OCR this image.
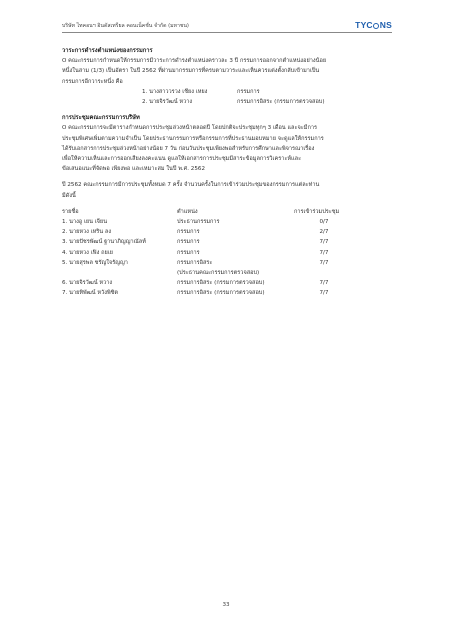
บริษัท ไทคอนฯ อินดัสเทรียล คอนเน็คชั่น จำกัด (มหาชน)	TYC NS
วาระการดำรงตำแหน่งของกรรมการ

O คณะกรรมการกำหนดให้กรรมการมีวาระการดำรงตำแหน่งคราวละ 3 ปี กรรมการออกจากตำแหน่งอย่างน้อย

หนึ่งในสาม (1/3) เป็นอัตรา ในปี 2562 ที่ผ่านมากรรมการที่ครบตามวาระและเห็นควรแต่งตั้งกลับเข้ามาเป็น

กรรมการอีกวาระหนึ่ง คือ

1. นางสาววรวง เชียง เหยง	กรรมการ
2. นายจิรวัฒน์ หวาง	กรรมการอิสระ (กรรมการตรวจสอบ)
การประชุมคณะกรรมการบริษัท

O คณะกรรมการจะมีตารางกำหนดการประชุมล่วงหน้าตลอดปี โดยปกติจะประชุมทุกๆ 3 เดือน และจะมีการ

ประชุมพิเศษเพิ่มตามความจำเป็น โดยประธานกรรมการหรือกรรมการที่ประธานมอบหมาย จะดูแลให้กรรมการ

ได้รับเอกสารการประชุมล่วงหน้าอย่างน้อย 7 วัน ก่อนวันประชุมเพียงพอสำหรับการศึกษาและพิจารณาเรื่อง

เพื่อให้ความเห็นและการออกเสียงลงคะแนน ดูแลให้เอกสารการประชุมมีสาระข้อมูลการวิเคราะห์และ

ข้อเสนอแนะที่จัดพอ เพียงพอ และเหมาะสม ในปี พ.ศ. 2562

ปี 2562 คณะกรรมการมีการประชุมทั้งหมด 7 ครั้ง จำนวนครั้งในการเข้าร่วมประชุมของกรรมการแต่ละท่าน

มีดังนี้

รายชื่อ	ตำแหน่ง	การเข้าร่วมประชุม
1. นางอู เยน เจียน	ประธานกรรมการ	0/7
2. นายหวง เหริน ลง	กรรมการ	2/7
3. นายปัชรพัฒน์ ฐานาภิญญาณัลท์	กรรมการ	7/7
4. นายหวง เฟิง ถยเย	กรรมการ	7/7
5. นายสุรพล ชรัญใจรัญญา	กรรมการอิสระ	7/7
(ประธานคณะกรรมการตรวจสอบ)
6. นายจิรวัฒน์ หวาง	กรรมการอิสระ (กรรมการตรวจสอบ)	7/7
7. นายทิพัฒน์ หวังพิชิต	กรรมการอิสระ (กรรมการตรวจสอบ)	7/7
33
